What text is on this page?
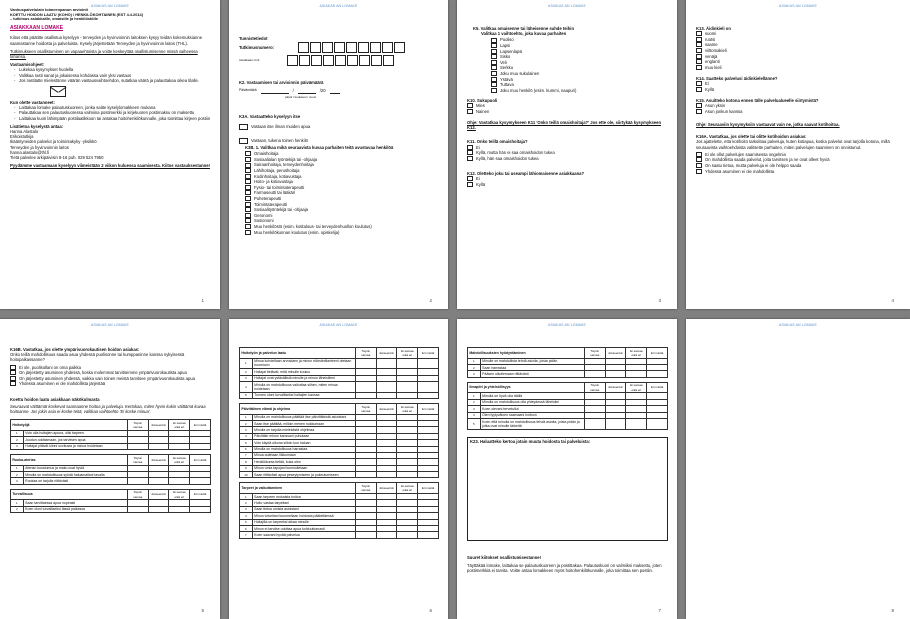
ASIAKAS AN LOMAKE
Vanhuspalvelulain toimeenpanon arviointi
KOETTU HOIDON LAATU (KOHO) / HENKILÖKOHTAINEN (EST 4.4.2014)
– tutkimus asiakkaille, omaisille ja henkilöstölle

ASIAKKAAN LOMAKE

Kiitos että päätitte osallistua kyselyyn - terveyden ja hyvinvoinnin laitoksen kysyy teidän kokemuksianne saamastanne hoidosta ja palveluista. Kysely järjestetään Terveyden ja hyvinvoinnin laitos (THL).

Tutkimukseen osallistuminen on vapaaehtoista ja voitte keskeyttää osallistumisenne missä vaiheessa tahansa.

Vastaamisohjeet:

- Lukekaa kysymykset huolella
- Valitkaa rasti sanat ja jokaisessa kohdassa vain yksi vastaus
- Jos rastitatte mielestänne väärän vastausvaihtoehdon, sutatkaa väärä ja palauttakaa oikea tilalle.

Kun olette vastanneet:

- Laittakaa lomake palautuskuoreen, jonka saitte kyselylomakkeen mukana
- Palauttakaa sen palautuskuoressa valmiina postimerkki ja kirjekuoren postimaksu on maksettu
- Laittakaa kuori lähimpään postilaatikkoon tai antakaa hoitohenkilökunnalle, joka toimittaa kirjeen postiin

Lisätietoa kyselystä antaa:

Hanna Alastalo
Erikoistutkija
Ikääntyneiden palvelut ja toimintakyky -yksikkö
Terveyden ja hyvinvoinnin laitos
hanna.alastalo@thl.fi
Tietä palvelee arkipäivisin 8-16 puh. 029 524 7950

Pyydämme vastaamaan kyselyyn viimeistään 2 viikon kuluessa saamisesta. Kiitos vastauksestanne!

1
ASIAKAS AN LOMAKE

Tunnistetiedot

Tutkimusnumero:
Asiakkaan nimi:

K2. Vastaamisen tai arvioinnin päivämäärä

Päivämäärä	/	/20

päivä / kuukausi / vuosi

K3A. Vastaatteko kyselyyn itse

Vastaan itse ilman muiden apua
Vastaan, tukena toinen henkilö

K3B. 1. Valitkaa mikä seuraavista kuvaa parhaiten teitä avustavaa henkilöä

Omaishoitaja
Sosiaalialan työntekijä tai -ohjaaja
Sairaanhoitaja, terveydenhoitaja
Lähihoitaja, perushoitaja
Kodinhoitaja, kotiavustaja
Hoito- ja kotiavustaja
Fysio- tai toimintaterapeutti
Farmaseutti tai lääkäri
Puheterapeutti
Toimintaterapeutti
Sosiaalityöntekijä tai -ohjaaja
Geronomi
Sosionomi
Muu henkilöstö (esim. kotitalous- tai terveydenhuollon koulutus)
Muu henkilökunnan koulutus (esim. opiskelija)
2
ASIAKAS AN LOMAKE

K5. Valitkaa omaisenne tai läheisenne suhde teihin

Valitkaa 1 vaihtoehto, joka kuvaa parhaiten

Puoliso
Lapsi
Lapsenlapsi
Sisko
Veli
Serkku
Joku muu sukulainen
Ystävä
Tuttava
Joku muu henkilö (esim. kummi, naapuri)

K10. Sukupuoli

Mies
Nainen

Ohje: Vastatkaa kysymykseen K11 'Onko teillä omaishoitaja?' Jos ette ole, siirtykää kysymykseen K12.

K11. Onko teillä omaishoitaja?

Ei
Kyllä, mutta hän ei saa omaishoidon tukea
Kyllä, hän saa omaishoidon tukea

K12. Oletteko joku tai useampi lähiomaisenne asiakkaana?

Ei
Kyllä
3
ASIAKAS AN LOMAKE

K13. Äidinkieli on

suomi
ruotsi
saame
viittomakieli
venäjä
englanti
muu kieli

K14. Saatteko palvelusi äidinkielellänne?

Ei
Kyllä

K15. Asuitteko kotona ennen tälle palvelualueelle siirtymistä?

Asun yksin
Asun jonkun kanssa

Ohje: Seuraaviin kysymyksiin vastaavat vain ne, jotka saavat kotihoitoa.

K16A. Vastatkaa, jos olette tai olitte kotihoidon asiakas:

Jos ajattelette, että kotihoito tarkoittaa palveluja, kuten kotiapua, koska palvelut ovat tarjolla kotona, millä seuraavista vaihtoehdoista valitsette parhaiten, miten palvelujen saaminen on onnistunut.

Ei ole ollut palvelujen saamisessa ongelmia
On mahdollista saada palvelut, joita tarvitsen ja ne ovat olleet hyviä
On saatu tietoa, mutta palveluja ei ole helppo saada
Yhdessä asuminen ei ole mahdollista
4
ASIAKAS AN LOMAKE

K16B. Vastatkaa, jos olette ympärivuorokautisen hoidon asiakas:

Onko teillä mahdollisuus saada asua yhdessä puolisonne tai kumppaninne kanssa nykyisessä hoitopaikassanne?

Ei ole, puolisollani on oma paikka
On järjestetty asuminen yhdessä, koska molemmat tarvitsemme ympärivuorokautista apua
On järjestetty asuminen yhdessä, vaikka vain toinen meistä tarvitsee ympärivuorokautista apua
Yhdessä asuminen ei ole mahdollista järjestää

Koettu hoidon laatu asiakkaan näkökulmasta

Seuraavat väittämät koskevat saamaanne hoitoa ja palveluja. Kertokaa, miten hyvin kukin väittämä kuvaa hoitoanne. Jos jokin asia ei koske teitä, valitkaa vaihtoehto 'Ei koske minua'.

Hoitotyöjä		Täysin samaa	Jokseenkin	Ei samaa eikä eri	Eri mieltä
1	Voin olla hoitajien apuna, olisi tarpeen				
2	Joudun odottamaan, jos tarvitsen apua				
3	Hoitajat pitävät kiinni sovitusta ja minua hoidetaan				
Ruoka-aterias		Täysin samaa	Jokseenkin	Ei samaa eikä eri	Eri mieltä
1	Aterian koostumus ja maku ovat hyviä				
2	Minulla on mahdollisuus syödä haluamallani tavalla				
3	Ruokaa on tarjolla riittävästi				
Turvallisuus		Täysin samaa	Jokseenkin	Ei samaa eikä eri	Eri mieltä
1	Saan tarvittaessa apua nopeasti				
2	Koen oloni turvalliseksi tässä paikassa				
5
ASIAKAS AN LOMAKE
Hoitotyön ja palvelun laatu		Täysin samaa	Jokseenkin	Ei samaa eikä eri	Eri mieltä
1	Minua kohdellaan arvostaen ja minun elämäntilanteeni otetaan huomioon				
2	Hoitajat tietävät, mitä minulle kuuluu				
3	Hoitajat ovat ystävällisiä minulle ja minun läheisilleni				
4	Minulla on mahdollisuus vaikuttaa siihen, miten minua hoidetaan				
5	Tunnen oloni turvalliseksi hoitajien kanssa				
Päivittäinen elämä ja ohjelma		Täysin samaa	Jokseenkin	Ei samaa eikä eri	Eri mieltä
1	Minulla on mahdollisuus päättää itse päivittäisistä asioistani				
2	Saan itse päättää, milloin menen nukkumaan				
3	Minulla on tarjolla mielekästä ohjelmaa				
4	Päivittäin minun kanssani puhutaan				
5	Voin käydä ulkona silloin kun haluan				
6	Minulla on mahdollisuus harrastaa				
7	Minua autetaan liikkumaan				
8	Henkilökunta tietää, kuka olen				
9	Minun omia tapojani kunnioitetaan				
10	Saan riittävästi apua peseytymiseen ja pukeutumiseen				
Tarpeet ja vaikuttaminen		Täysin samaa	Jokseenkin	Ei samaa eikä eri	Eri mieltä
1	Saan tarpeen mukaista hoitoa				
2	Hoito vastaa tarpeitani				
3	Saan tietoa omista asioistani				
4	Minun toiveitani kuunnellaan hoidosta päätettäessä				
5	Hoitajilla on tarpeeksi aikaa minulle				
6	Minun ei tarvitse odottaa apua kohtuuttomasti				
7	Koen saavani hyvää palvelua				
6
ASIAKAS AN LOMAKE
Mahdollisuuksien hyödyntäminen		Täysin samaa	Jokseenkin	Ei samaa eikä eri	Eri mieltä
1	Minulle on mahdollista tehdä asioita, joista pidän				
2	Saan harrastaa				
3	Pääsen ulkoilemaan riittävästi				
Ilmapiiri ja yhteisöllisyys		Täysin samaa	Jokseenkin	Ei samaa eikä eri	Eri mieltä
1	Minulla on hyvä olla täällä				
2	Minulla on mahdollisuus olla yhteydessä läheisiini				
3	Koen olevani tervetullut				
4	Olen tyytyväinen saamaani hoitoon				
5	Koen että minulla on mahdollisuus tehdä asioita, joista pidän ja jotka ovat minulle tärkeitä				
K23. Haluatteko kertoa jotain muuta hoidosta tai palveluista:

Suuret kiitokset osallistumisestanne!

Täyttäkää lomake, laittakaa se palautuskuoreen ja postittakaa. Palautuskuori on valmiiksi maksettu, joten postimerkkiä ei tarvita. Voitte antaa lomakkeen myös hoitohenkilökunnalle, joka toimittaa sen postiin.

7
ASIAKAS AN LOMAKE
8
